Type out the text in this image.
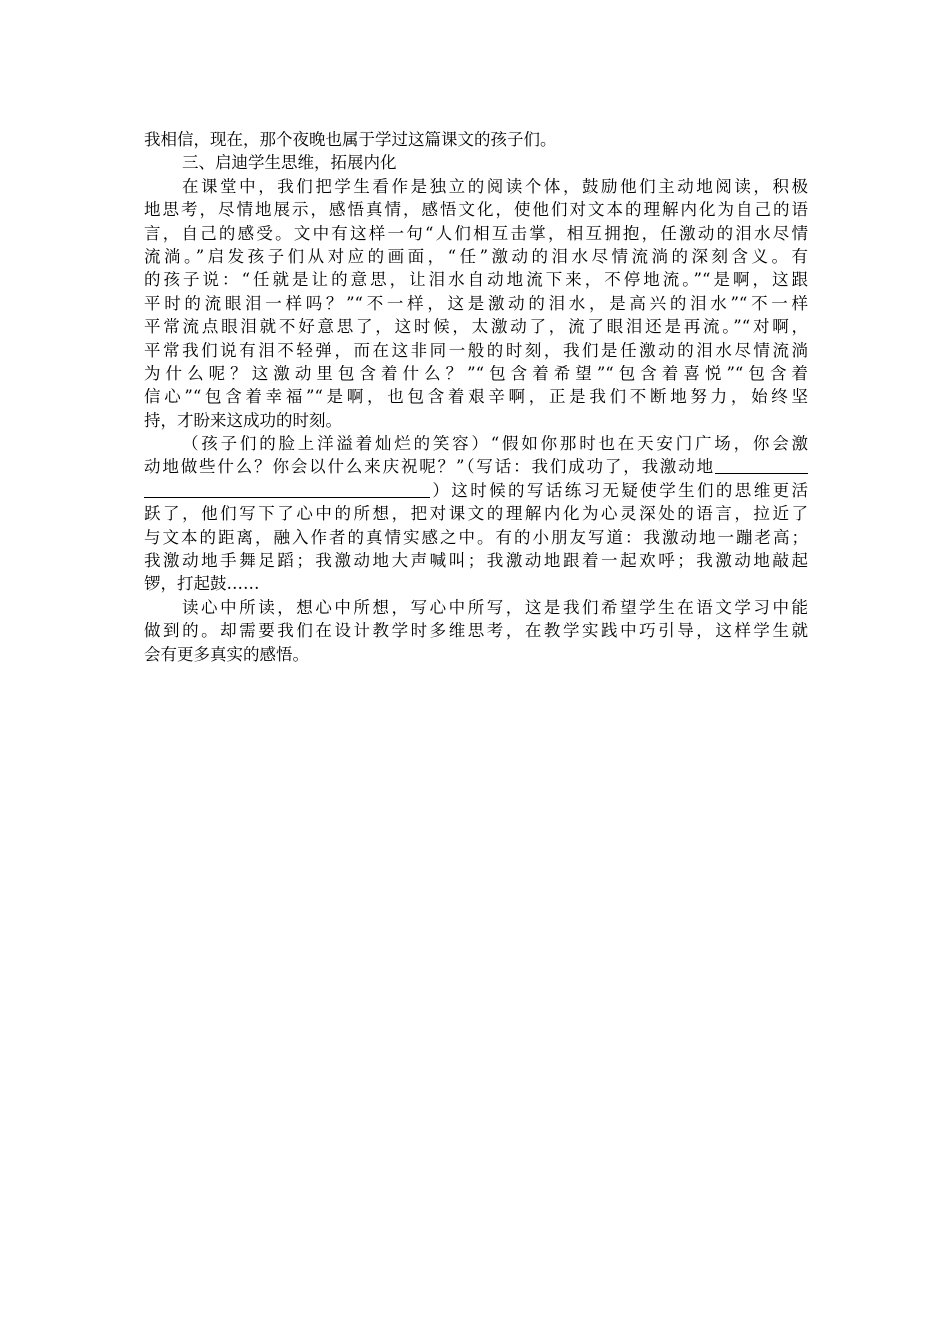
我相信，现在，那个夜晚也属于学过这篇课文的孩子们。
三、启迪学生思维，拓展内化
在课堂中，我们把学生看作是独立的阅读个体，鼓励他们主动地阅读，积极
地思考，尽情地展示，感悟真情，感悟文化，使他们对文本的理解内化为自己的语
言，自己的感受。文中有这样一句“人们相互击掌，相互拥抱，任激动的泪水尽情
流淌。”启发孩子们从对应的画面，“任”激动的泪水尽情流淌的深刻含义。有
的孩子说：“任就是让的意思，让泪水自动地流下来，不停地流。”“是啊，这跟
平时的流眼泪一样吗？”“不一样，这是激动的泪水，是高兴的泪水”“不一样
平常流点眼泪就不好意思了，这时候，太激动了，流了眼泪还是再流。”“对啊，
平常我们说有泪不轻弹，而在这非同一般的时刻，我们是任激动的泪水尽情流淌
为什么呢？这激动里包含着什么？”“包含着希望”“包含着喜悦”“包含着
信心”“包含着幸福”“是啊，也包含着艰辛啊，正是我们不断地努力，始终坚
持，才盼来这成功的时刻。
（孩子们的脸上洋溢着灿烂的笑容）“假如你那时也在天安门广场，你会激
动地做些什么？你会以什么来庆祝呢？”（写话：我们成功了，我激动地
）这时候的写话练习无疑使学生们的思维更活
跃了，他们写下了心中的所想，把对课文的理解内化为心灵深处的语言，拉近了
与文本的距离，融入作者的真情实感之中。有的小朋友写道：我激动地一蹦老高；
我激动地手舞足蹈；我激动地大声喊叫；我激动地跟着一起欢呼；我激动地敲起
锣，打起鼓……
读心中所读，想心中所想，写心中所写，这是我们希望学生在语文学习中能
做到的。却需要我们在设计教学时多维思考，在教学实践中巧引导，这样学生就
会有更多真实的感悟。
